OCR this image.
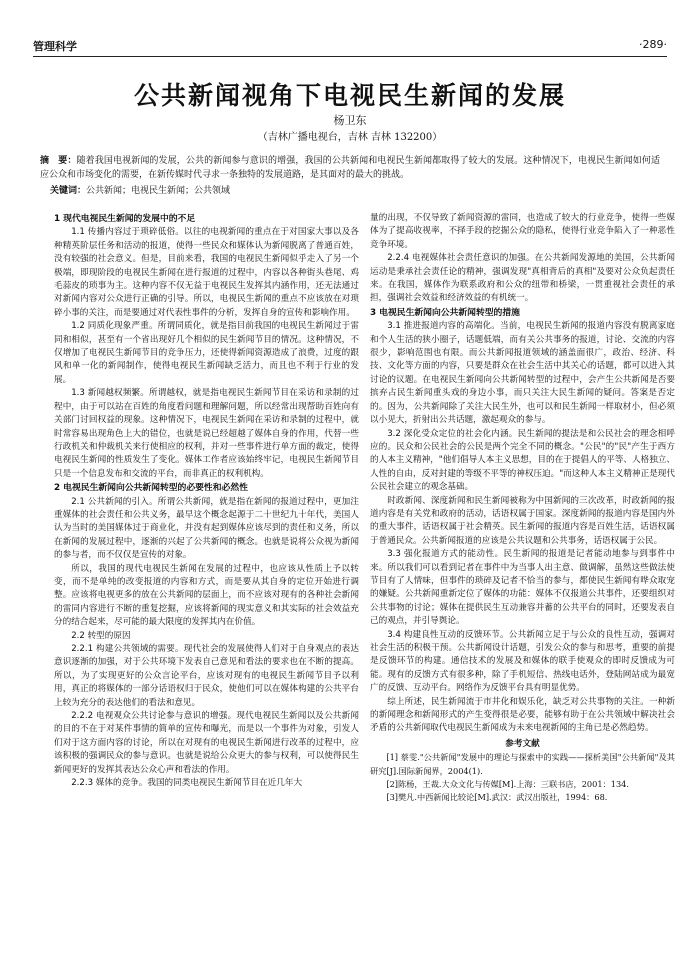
管理科学	·289·
公共新闻视角下电视民生新闻的发展
杨卫东
（吉林广播电视台，吉林 吉林 132200）
摘　要：随着我国电视新闻的发展，公共的新闻参与意识的增强，我国的公共新闻和电视民生新闻都取得了较大的发展。这种情况下，电视民生新闻如何适应公众和市场变化的需要，在新传媒时代寻求一条独特的发展道路，是其面对的最大的挑战。
关键词：公共新闻；电视民生新闻；公共领域
1 现代电视民生新闻的发展中的不足

1.1 传播内容过于琐碎低俗。以往的电视新闻的重点在于对国家大事以及各种精英阶层任务和活动的报道，使得一些民众和媒体认为新闻脱离了普通百姓，没有较强的社会意义。但是，目前来看，我国的电视民生新闻似乎走入了另一个极端，即现阶段的电视民生新闻在进行报道的过程中，内容以各种街头巷尾、鸡毛蒜皮的琐事为主。这种内容不仅无益于电视民生发挥其内涵作用，还无法通过对新闻内容对公众进行正确的引导。所以，电视民生新闻的重点不应该放在对琐碎小事的关注，而是要通过对代表性事件的分析，发挥自身的宣传和影响作用。

1.2 同质化现象严重。所谓同质化，就是指目前我国的电视民生新闻过于雷同和相似，甚至有一个省出现好几个相似的民生新闻节目的情况。这种情况，不仅增加了电视民生新闻节目的竞争压力，还使得新闻资源造成了浪费，过度的跟风和单一化的新闻制作，使得电视民生新闻缺乏活力，而且也不利于行业的发展。

1.3 新闻越权频繁。所谓越权，就是指电视民生新闻节目在采访和录制的过程中，由于可以站在百姓的角度看问题和理解问题，所以经常出现帮助百姓向有关部门讨回权益的现象。这种情况下，电视民生新闻在采访和录制的过程中，就时常容易出现角色上大的错位，也就是说已经超越了媒体自身的作用，代替一些行政机关和仲裁机关来行使相应的权利，并对一些事件进行单方面的裁定，使得电视民生新闻的性质发生了变化。媒体工作者应该始终牢记，电视民生新闻节目只是一个信息发布和交流的平台，而非真正的权利机构。

2 电视民生新闻向公共新闻转型的必要性和必然性

2.1 公共新闻的引入。所谓公共新闻，就是指在新闻的报道过程中，更加注重媒体的社会责任和公共义务，最早这个概念起源于二十世纪九十年代，美国人认为当时的美国媒体过于商业化，并没有起到媒体应该尽到的责任和义务，所以在新闻的发展过程中，逐渐的兴起了公共新闻的概念。也就是说将公众视为新闻的参与者，而不仅仅是宣传的对象。

所以，我国的现代电视民生新闻在发展的过程中，也应该从性质上予以转变，而不是单纯的改变报道的内容和方式，而是要从其自身的定位开始进行调整。应该将电视更多的放在公共新闻的层面上，而不应该对现有的各种社会新闻的雷同内容进行不断的重复挖掘，应该将新闻的现实意义和其实际的社会效益充分的结合起来，尽可能的最大限度的发挥其内在价值。

2.2 转型的原因

2.2.1 构建公共领域的需要。现代社会的发展使得人们对于自身观点的表达意识逐渐的加强，对于公共环境下发表自己意见和看法的要求也在不断的提高。所以，为了实现更好的公众言论平台，应该对现有的电视民生新闻节目予以利用，真正的将媒体的一部分话语权归于民众，使他们可以在媒体构建的公共平台上较为充分的表达他们的看法和意见。

2.2.2 电视观众公共讨论参与意识的增强。现代电视民生新闻以及公共新闻的目的不在于对某件事情的简单的宣传和曝光，而是以一个事件为对象，引发人们对于这方面内容的讨论，所以在对现有的电视民生新闻进行改革的过程中，应该积极的强调民众的参与意识。也就是说给公众更大的参与权利，可以使得民生新闻更好的发挥其表达公众心声和看法的作用。

2.2.3 媒体的竞争。我国的同类电视民生新闻节目在近几年大

量的出现，不仅导致了新闻资源的雷同，也造成了较大的行业竞争，使得一些媒体为了提高收视率，不择手段的挖掘公众的隐私，使得行业竞争陷入了一种恶性竞争环境。

2.2.4 电视媒体社会责任意识的加强。在公共新闻发源地的美国，公共新闻运动是秉承社会责任论的精神，强调发现"真相背后的真相"及要对公众负起责任来。在我国，媒体作为联系政府和公众的纽带和桥梁，一贯重视社会责任的承担，强调社会效益和经济效益的有机统一。

3 电视民生新闻向公共新闻转型的措施

3.1 推进报道内容的高端化。当前，电视民生新闻的报道内容没有脱离家庭和个人生活的狭小圈子，话题低端，而有关公共事务的报道，讨论、交流的内容很少，影响范围也有限。而公共新闻报道领域的涵盖面很广，政治、经济、科技、文化等方面的内容，只要是群众在社会生活中其关心的话题，都可以进入其讨论的议题。在电视民生新闻向公共新闻转型的过程中，会产生公共新闻是否要摈弃占民生新闻重头戏的身边小事，而只关注大民生新闻的疑问。答案是否定的。因为，公共新闻除了关注大民生外，也可以和民生新闻一样取材小，但必须以小见大，折射出公共话题，激起观众的参与。

3.2 深化受众定位的社会化内涵。民生新闻的提法是和公民社会的理念相呼应的。民众和公民社会的公民是两个完全不同的概念。"公民"的"民"产生于西方的人本主义精神，"他们倡导人本主义思想，目的在于提倡人的平等、人格独立、人性的自由，反对封建的等级不平等的神权压迫。"而这种人本主义精神正是现代公民社会建立的观念基础。

时政新闻、深度新闻和民生新闻被称为中国新闻的三次改革，时政新闻的报道内容是有关党和政府的活动，话语权属于国家。深度新闻的报道内容是国内外的重大事件，话语权属于社会精英。民生新闻的报道内容是百姓生活，话语权属于普通民众。公共新闻报道的应该是公共议题和公共事务，话语权属于公民。

3.3 强化报道方式的能动性。民生新闻的报道是记者能动地参与到事件中来。所以我们可以看到记者在事件中为当事人出主意、做调解，虽然这些做法使节目有了人情味，但事件的琐碎及记者不恰当的参与，都使民生新闻有哗众取宠的嫌疑。公共新闻重新定位了媒体的功能：媒体不仅报道公共事件，还要组织对公共事物的讨论；媒体在提供民生互动兼容并蓄的公共平台的同时，还要发表自己的观点，并引导舆论。

3.4 构建良性互动的反馈环节。公共新闻立足于与公众的良性互动，强调对社会生活的积极干预。公共新闻设计话题，引发公众的参与和思考，重要的前提是反馈环节的构建。通信技术的发展及和媒体的联手使观众的即时反馈成为可能。现有的反馈方式有很多种，除了手机短信、热线电话外，登陆网站成为最宽广的反馈、互动平台。网络作为反馈平台具有明显优势。

综上所述，民生新闻流于市井化和娱乐化，缺乏对公共事物的关注。一种新的新闻理念和新闻形式的产生变得很是必要，能够有助于在公共领域中解决社会矛盾的公共新闻取代电视民生新闻成为未来电视新闻的主角已是必然趋势。

参考文献

[1] 蔡雯."公共新闻"发展中的理论与探索中的实践——探析美国"公共新闻"及其研究[J].国际新闻界，2004(1).

[2]陈杨，王裁.大众文化与传媒[M].上海：三联书店，2001：134.

[3]樊凡.中西新闻比较论[M].武汉：武汉出版社，1994：68.
